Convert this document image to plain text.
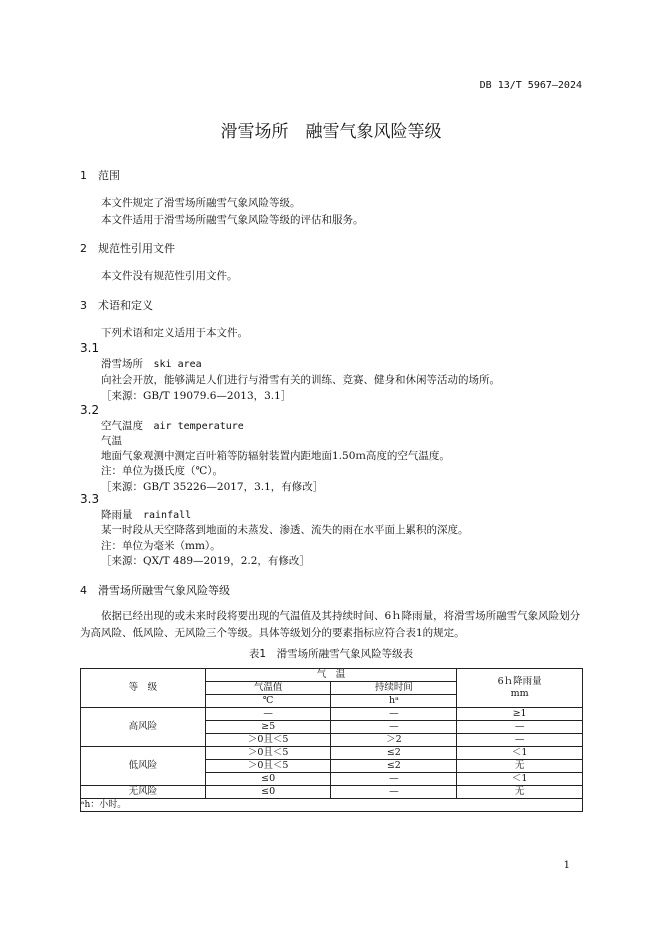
DB 13/T 5967—2024
滑雪场所　融雪气象风险等级
1 范围
本文件规定了滑雪场所融雪气象风险等级。
本文件适用于滑雪场所融雪气象风险等级的评估和服务。
2 规范性引用文件
本文件没有规范性引用文件。
3 术语和定义
下列术语和定义适用于本文件。
3.1
滑雪场所  ski area
向社会开放，能够满足人们进行与滑雪有关的训练、竞赛、健身和休闲等活动的场所。
［来源：GB/T 19079.6—2013，3.1］
3.2
空气温度  air temperature
气温
地面气象观测中测定百叶箱等防辐射装置内距地面1.50ｍ高度的空气温度。
注：单位为摄氏度（℃）。
［来源：GB/T 35226—2017，3.1，有修改］
3.3
降雨量  rainfall
某一时段从天空降落到地面的未蒸发、渗透、流失的雨在水平面上累积的深度。
注：单位为毫米（mm）。
［来源：QX/T 489—2019，2.2，有修改］
4 滑雪场所融雪气象风险等级
依据已经出现的或未来时段将要出现的气温值及其持续时间、6ｈ降雨量，将滑雪场所融雪气象风险划分为高风险、低风险、无风险三个等级。具体等级划分的要素指标应符合表1的规定。
表1　滑雪场所融雪气象风险等级表
等　级	气　温		6ｈ降雨量
mm

	气温值	持续时间	
	℃	hᵃ	
高风险	—	—	≥1
	≥5	—	—
	＞0且＜5	＞2	—
低风险	＞0且＜5	≤2	＜1
	＞0且＜5	≤2	无
	≤0	—	＜1
无风险	≤0	—	无
ᵃh：小时。			
1
